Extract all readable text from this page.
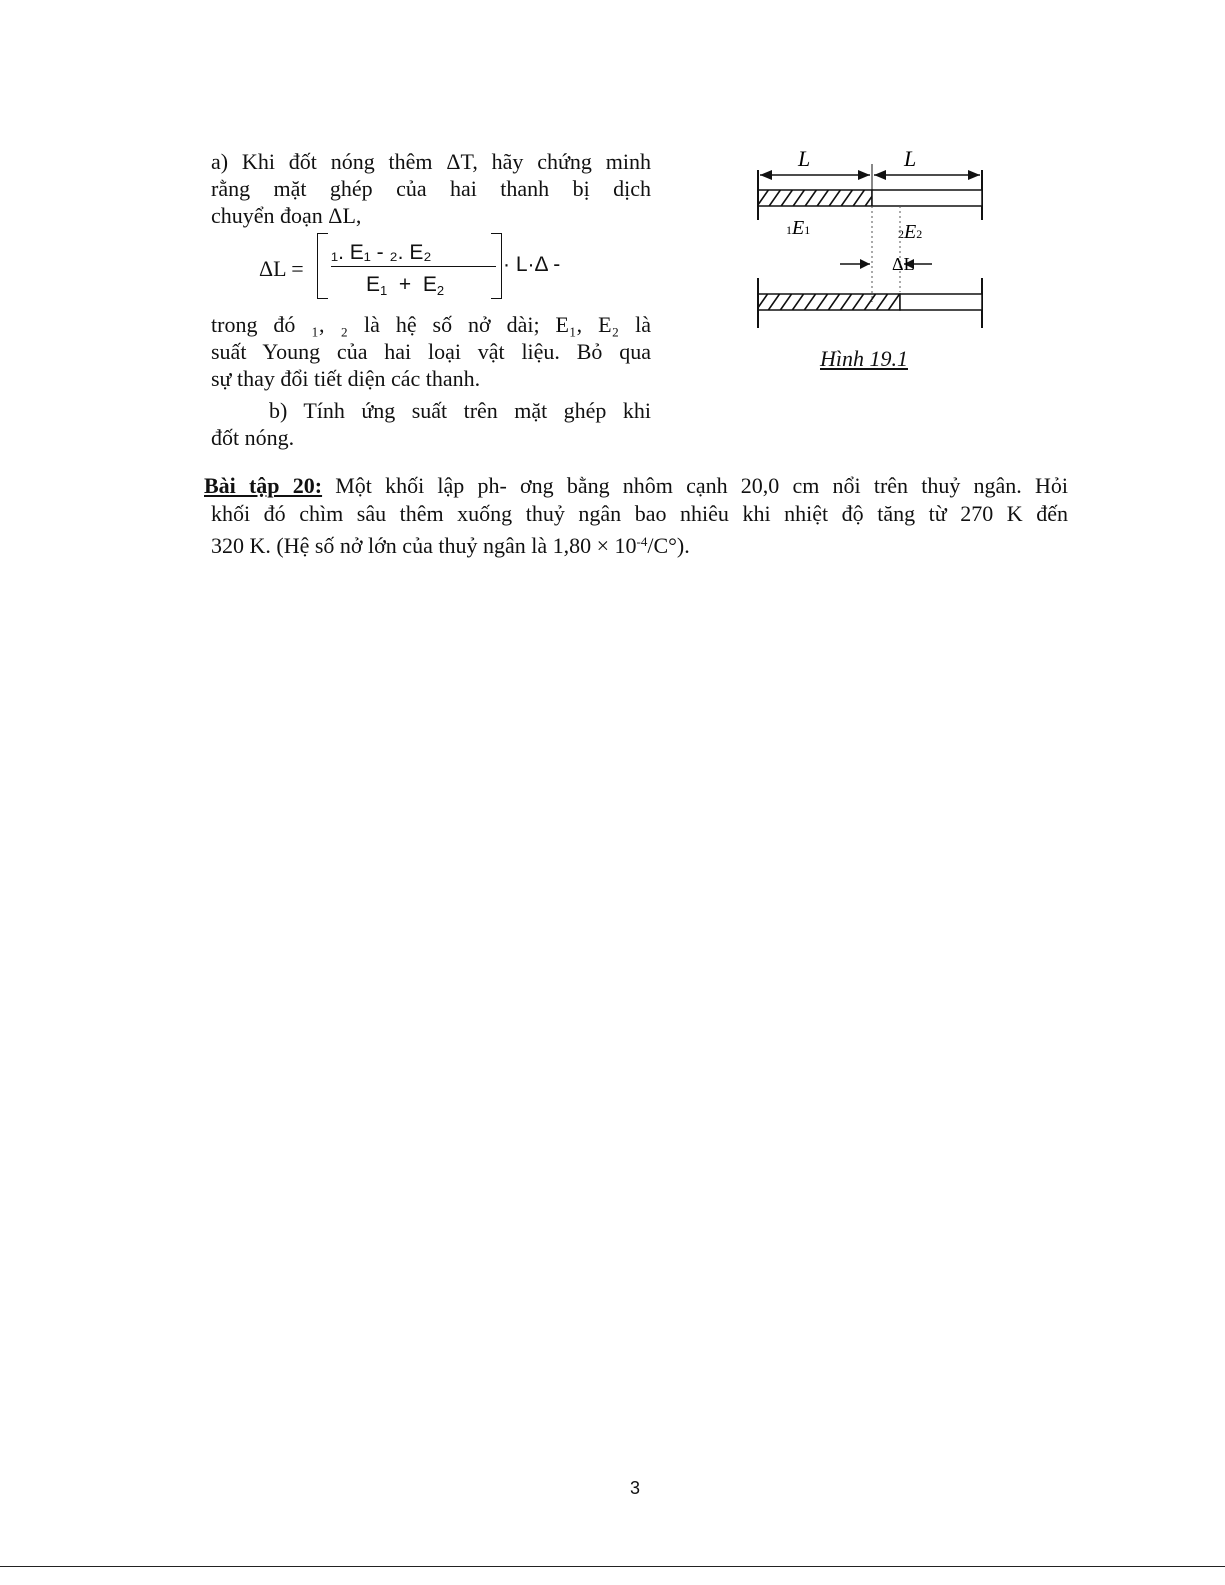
a) Khi đốt nóng thêm ΔT, hãy chứng minh

rằng mặt ghép của hai thanh bị dịch

chuyển đoạn ΔL,

ΔL =
₁. E₁ - ₂. E₂
$E_1 + E_2$
· L·Δ -

trong đó ₁, ₂ là hệ số nở dài; E₁, E₂ là

suất Young của hai loại vật liệu. Bỏ qua

sự thay đổi tiết diện các thanh.

b) Tính ứng suất trên mặt ghép khi

đốt nóng.

L	L
1E1	2E2
ΔL
Hình 19.1

Bài tập 20: Một khối lập ph- ơng bằng nhôm cạnh 20,0 cm nổi trên thuỷ ngân. Hỏi

khối đó chìm sâu thêm xuống thuỷ ngân bao nhiêu khi nhiệt độ tăng từ 270 K đến

320 K. (Hệ số nở lớn của thuỷ ngân là $1,80 \times 10^{-4}/C^\circ$).

3
